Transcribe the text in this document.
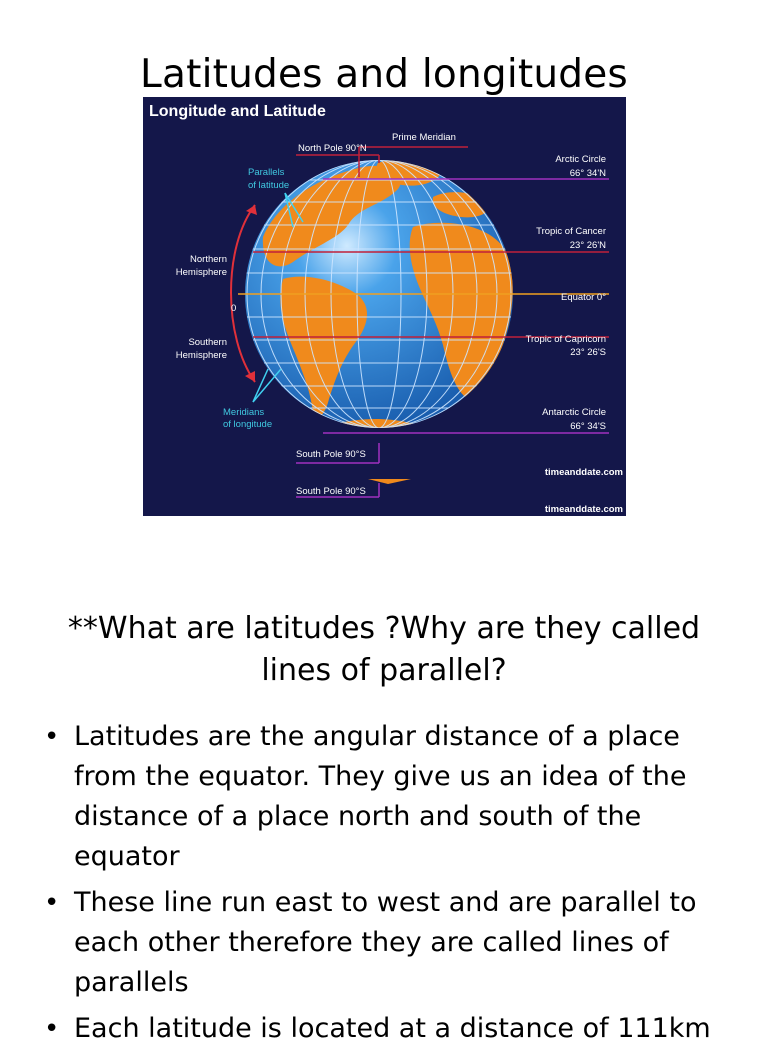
Latitudes and longitudes
Longitude and Latitude
North Pole 90°N
Prime Meridian
Arctic Circle
66° 34'N
Parallels
of latitude
Tropic of Cancer
23° 26'N
Northern
Hemisphere
0
Equator 0°
Southern
Hemisphere
Tropic of Capricorn
23° 26'S
Meridians
of longitude
Antarctic Circle
66° 34'S
South Pole 90°S
South Pole 90°S
timeanddate.com
timeanddate.com
**What are latitudes ?Why are they called lines of parallel?
• Latitudes are the angular distance of a place from the equator. They give us an idea of the distance of a place north and south of the equator
• These line run east to west and are parallel to each other therefore they are called lines of parallels
• Each latitude is located at a distance of 111km
